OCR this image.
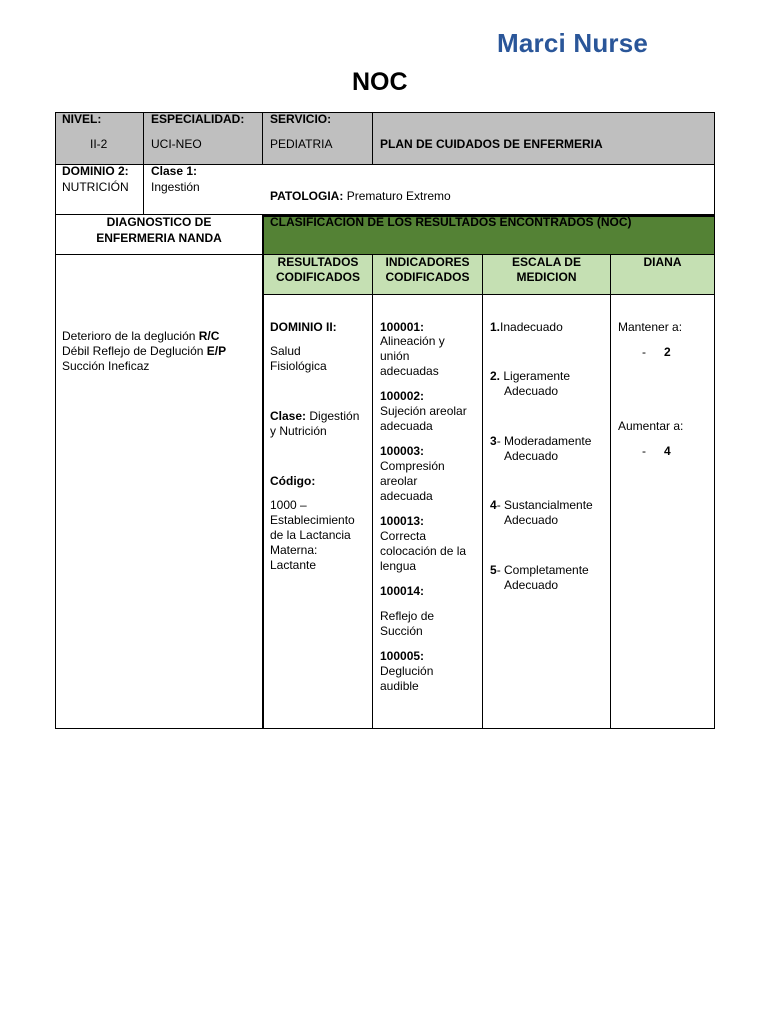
Marci Nurse
NOC
NIVEL:
II-2
ESPECIALIDAD:
UCI-NEO
SERVICIO:
PEDIATRIA	PLAN DE CUIDADOS DE ENFERMERIA
DOMINIO 2:
NUTRICIÓN
Clase 1:
Ingestión
PATOLOGIA: Prematuro Extremo
DIAGNOSTICO DE
ENFERMERIA NANDA
CLASIFICACION DE LOS RESULTADOS ENCONTRADOS (NOC)
RESULTADOS
CODIFICADOS
INDICADORES
CODIFICADOS
ESCALA DE
MEDICION
DIANA
Deterioro de la deglución R/C
Débil Reflejo de Deglución E/P
Succión Ineficaz
DOMINIO II:
Salud
Fisiológica
Clase: Digestión
y Nutrición
Código:
1000 –
Establecimiento
de la Lactancia
Materna:
Lactante
100001:
Alineación y
unión
adecuadas
100002:
Sujeción areolar
adecuada
100003:
Compresión
areolar
adecuada
100013:
Correcta
colocación de la
lengua
100014:
Reflejo de
Succión
100005:
Deglución
audible
1.Inadecuado
2. Ligeramente
Adecuado
3- Moderadamente
Adecuado
4- Sustancialmente
Adecuado
5- Completamente
Adecuado
Mantener a:
- 2
Aumentar a:
- 4
